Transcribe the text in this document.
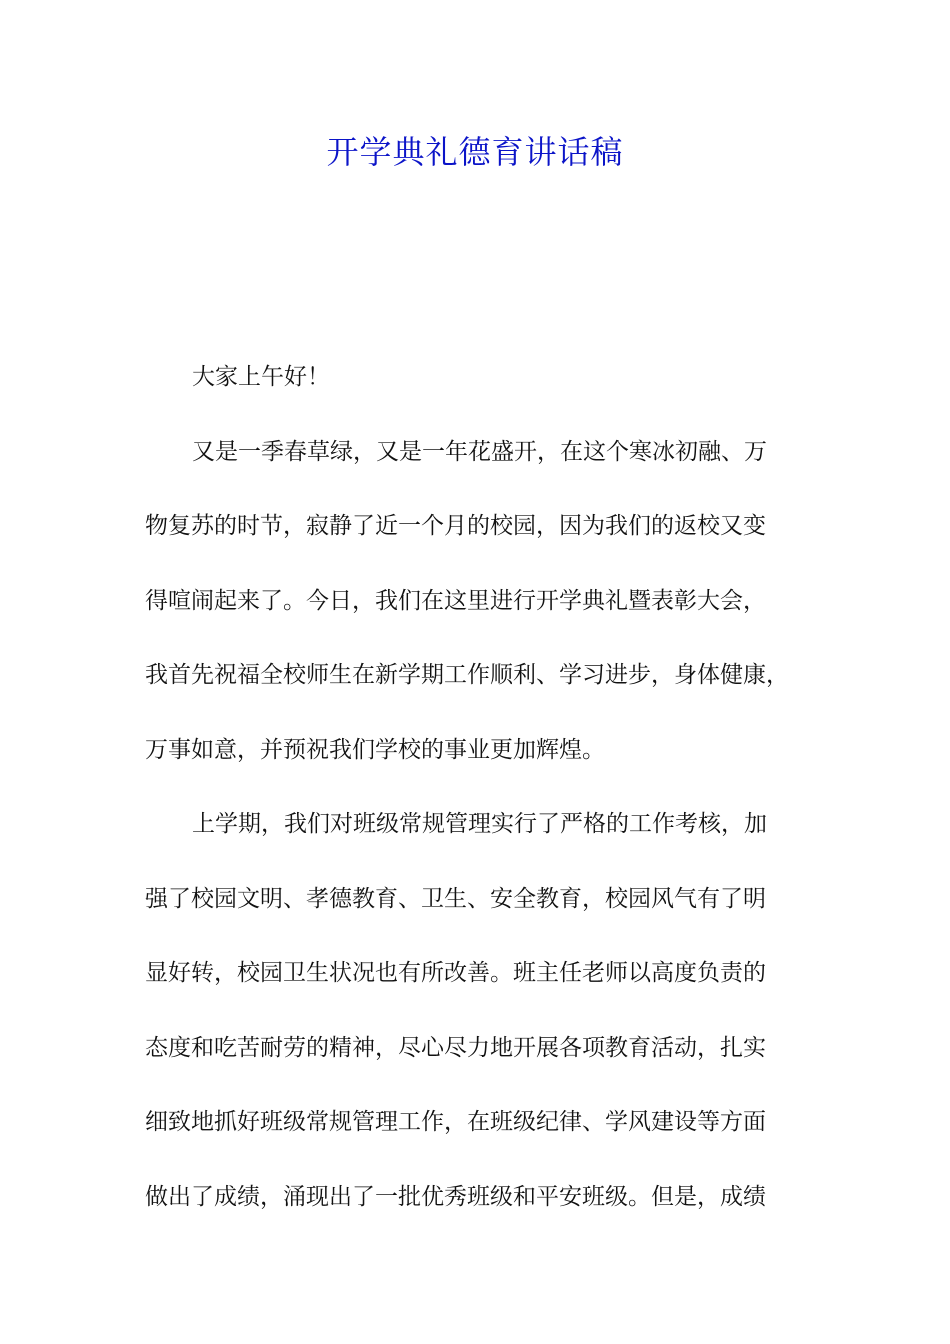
开学典礼德育讲话稿

大家上午好！

又是一季春草绿，又是一年花盛开，在这个寒冰初融、万
物复苏的时节，寂静了近一个月的校园，因为我们的返校又变
得喧闹起来了。今日，我们在这里进行开学典礼暨表彰大会，
我首先祝福全校师生在新学期工作顺利、学习进步，身体健康，
万事如意，并预祝我们学校的事业更加辉煌。

上学期，我们对班级常规管理实行了严格的工作考核，加
强了校园文明、孝德教育、卫生、安全教育，校园风气有了明
显好转，校园卫生状况也有所改善。班主任老师以高度负责的
态度和吃苦耐劳的精神，尽心尽力地开展各项教育活动，扎实
细致地抓好班级常规管理工作，在班级纪律、学风建设等方面
做出了成绩，涌现出了一批优秀班级和平安班级。但是，成绩
